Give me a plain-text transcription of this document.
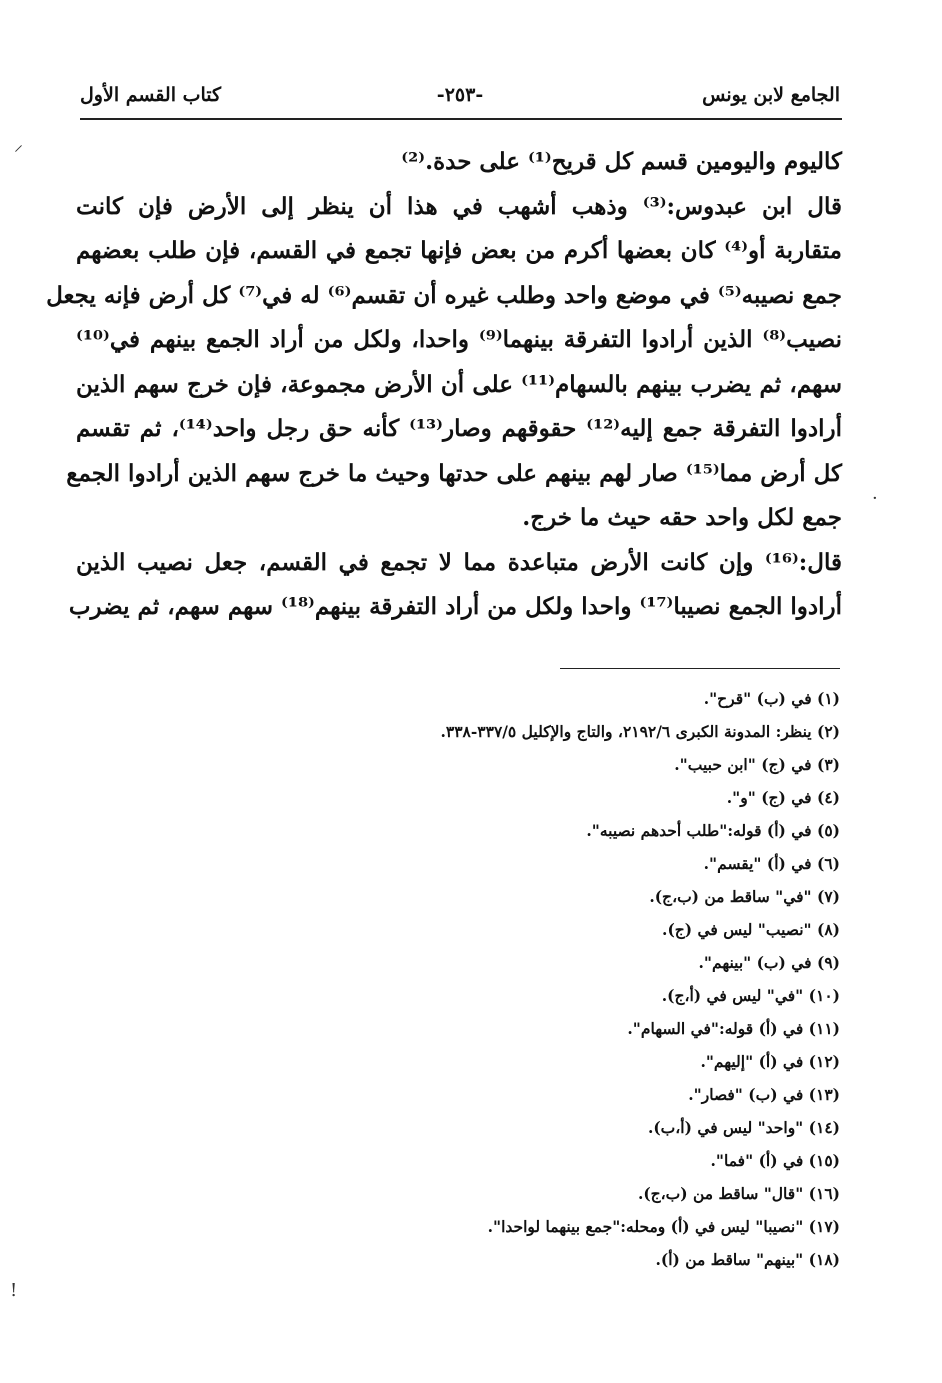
الجامع لابن يونس
-٢٥٣-
كتاب القسم الأول
كاليوم واليومين قسم كل قريح⁽¹⁾ على حدة.⁽²⁾
قال ابن عبدوس:⁽³⁾ وذهب أشهب في هذا أن ينظر إلى الأرض فإن كانت
متقاربة أو⁽⁴⁾ كان بعضها أكرم من بعض فإنها تجمع في القسم، فإن طلب بعضهم
جمع نصيبه⁽⁵⁾ في موضع واحد وطلب غيره أن تقسم⁽⁶⁾ له في⁽⁷⁾ كل أرض فإنه يجعل
نصيب⁽⁸⁾ الذين أرادوا التفرقة بينهما⁽⁹⁾ واحدا، ولكل من أراد الجمع بينهم في⁽¹⁰⁾
سهم، ثم يضرب بينهم بالسهام⁽¹¹⁾ على أن الأرض مجموعة، فإن خرج سهم الذين
أرادوا التفرقة جمع إليه⁽¹²⁾ حقوقهم وصار⁽¹³⁾ كأنه حق رجل واحد⁽¹⁴⁾، ثم تقسم
كل أرض مما⁽¹⁵⁾ صار لهم بينهم على حدتها وحيث ما خرج سهم الذين أرادوا الجمع
جمع لكل واحد حقه حيث ما خرج.
قال:⁽¹⁶⁾ وإن كانت الأرض متباعدة مما لا تجمع في القسم، جعل نصيب الذين
أرادوا الجمع نصيبا⁽¹⁷⁾ واحدا ولكل من أراد التفرقة بينهم⁽¹⁸⁾ سهم سهم، ثم يضرب
(١) في (ب) "قرح".
(٢) ينظر: المدونة الكبرى ٢١٩٢/٦، والتاج والإكليل ٣٣٧/٥-٣٣٨.
(٣) في (ج) "ابن حبيب".
(٤) في (ج) "و".
(٥) في (أ) قوله:"طلب أحدهم نصيبه".
(٦) في (أ) "يقسم".
(٧) "في" ساقط من (ب،ج).
(٨) "نصيب" ليس في (ج).
(٩) في (ب) "بينهم".
(١٠) "في" ليس في (أ،ج).
(١١) في (أ) قوله:"في السهام".
(١٢) في (أ) "إليهم".
(١٣) في (ب) "فصار".
(١٤) "واحد" ليس في (أ،ب).
(١٥) في (أ) "فما".
(١٦) "قال" ساقط من (ب،ج).
(١٧) "نصيبا" ليس في (أ) ومحله:"جمع بينهما لواحدا".
(١٨) "بينهم" ساقط من (أ).
⸍
·
!
